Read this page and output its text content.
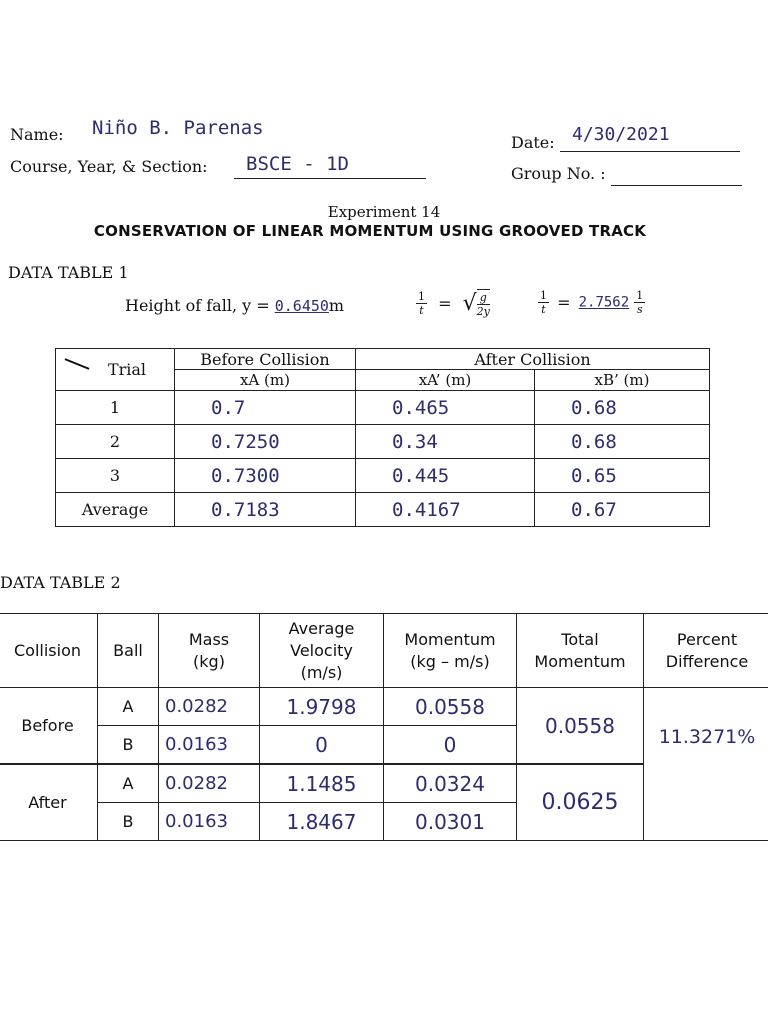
Name: Niño B. Parenas
Course, Year, & Section: BSCE - 1D
Date: 4/30/2021
Group No. :
Experiment 14
CONSERVATION OF LINEAR MOMENTUM USING GROOVED TRACK
DATA TABLE 1
Height of fall, y = 0.6450m	$\frac{1}{t}$ = √ $\frac{g}{2y}$	$\frac{1}{t} = 2.7562 \frac{1}{s}$
Trial	Before Collision	After Collision	
	xA (m)	xA’ (m)	xB’ (m)
1	0.7	0.465	0.68
2	0.7250	0.34	0.68
3	0.7300	0.445	0.65
Average	0.7183	0.4167	0.67
DATA TABLE 2
Collision	Ball	Mass (kg)	Average Velocity (m/s)	Momentum (kg – m/s)	Total Momentum	Percent Difference

Before	A	0.0282	1.9798	0.0558	0.0558	11.3271%
	B	0.0163	0	0		
After	A	0.0282	1.1485	0.0324	0.0625	
	B	0.0163	1.8467	0.0301		
